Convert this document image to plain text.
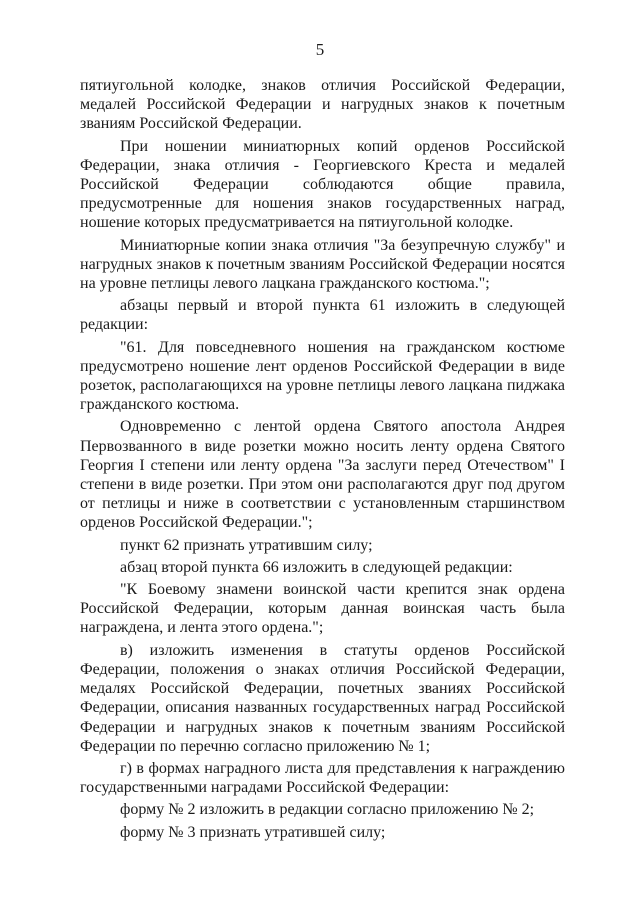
5

пятиугольной колодке, знаков отличия Российской Федерации, медалей Российской Федерации и нагрудных знаков к почетным званиям Российской Федерации.

При ношении миниатюрных копий орденов Российской Федерации, знака отличия - Георгиевского Креста и медалей Российской Федерации соблюдаются общие правила, предусмотренные для ношения знаков государственных наград, ношение которых предусматривается на пятиугольной колодке.

Миниатюрные копии знака отличия "За безупречную службу" и нагрудных знаков к почетным званиям Российской Федерации носятся на уровне петлицы левого лацкана гражданского костюма.";

абзацы первый и второй пункта 61 изложить в следующей редакции:

"61. Для повседневного ношения на гражданском костюме предусмотрено ношение лент орденов Российской Федерации в виде розеток, располагающихся на уровне петлицы левого лацкана пиджака гражданского костюма.

Одновременно с лентой ордена Святого апостола Андрея Первозванного в виде розетки можно носить ленту ордена Святого Георгия I степени или ленту ордена "За заслуги перед Отечеством" I степени в виде розетки. При этом они располагаются друг под другом от петлицы и ниже в соответствии с установленным старшинством орденов Российской Федерации.";

пункт 62 признать утратившим силу;

абзац второй пункта 66 изложить в следующей редакции:

"К Боевому знамени воинской части крепится знак ордена Российской Федерации, которым данная воинская часть была награждена, и лента этого ордена.";

в) изложить изменения в статуты орденов Российской Федерации, положения о знаках отличия Российской Федерации, медалях Российской Федерации, почетных званиях Российской Федерации, описания названных государственных наград Российской Федерации и нагрудных знаков к почетным званиям Российской Федерации по перечню согласно приложению № 1;

г) в формах наградного листа для представления к награждению государственными наградами Российской Федерации:

форму № 2 изложить в редакции согласно приложению № 2;

форму № 3 признать утратившей силу;
